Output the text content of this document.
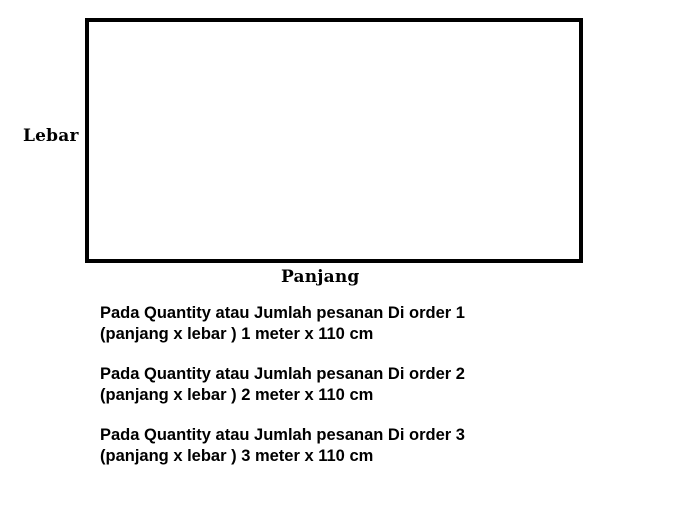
Lebar
Panjang

Pada Quantity atau Jumlah pesanan Di order 1
(panjang x lebar ) 1 meter x 110 cm

Pada Quantity atau Jumlah pesanan Di order 2
(panjang x lebar ) 2 meter x 110 cm

Pada Quantity atau Jumlah pesanan Di order 3
(panjang x lebar ) 3 meter x 110 cm
